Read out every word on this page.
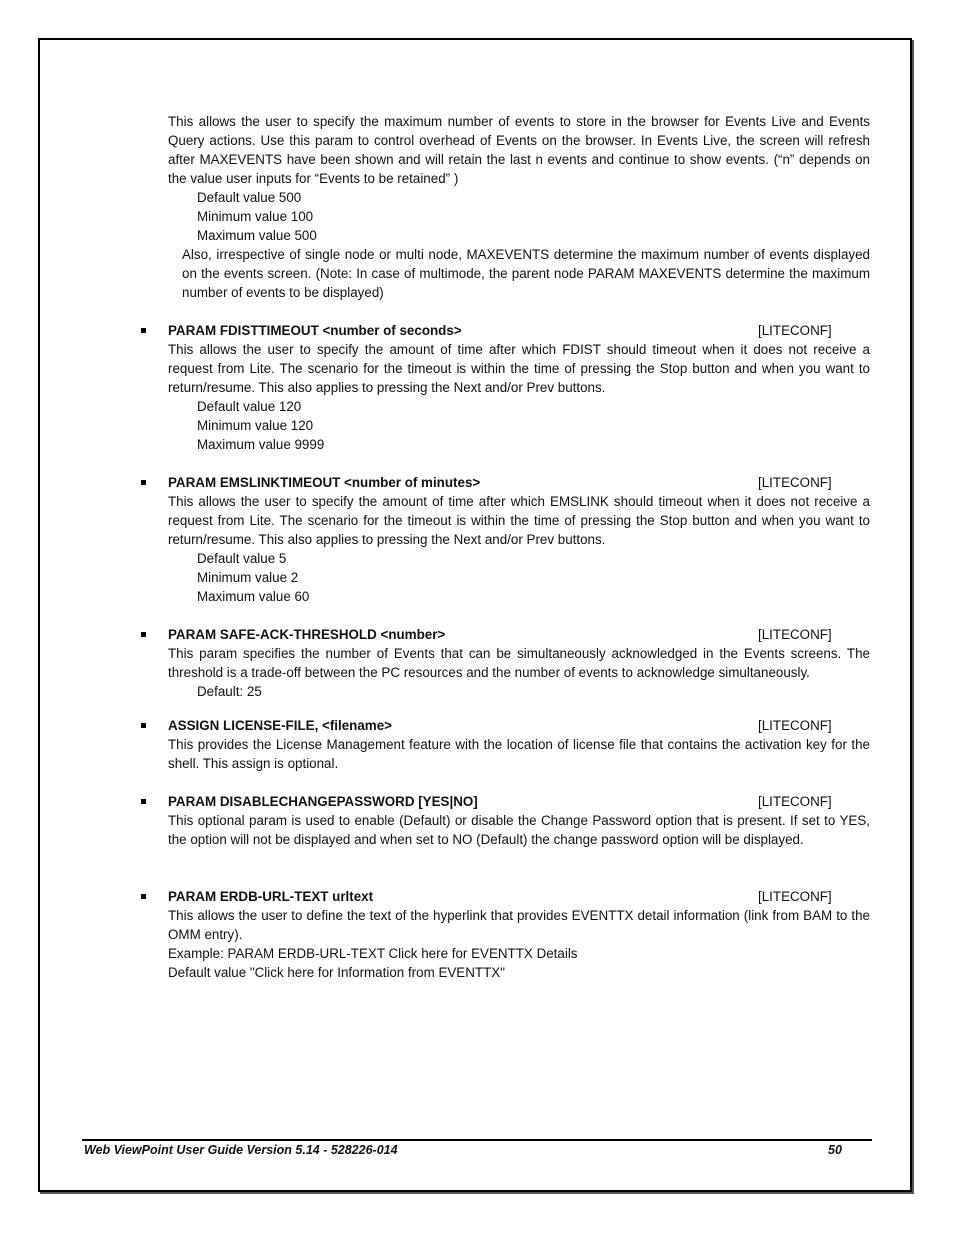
This allows the user to specify the maximum number of events to store in the browser for Events Live and Events Query actions. Use this param to control overhead of Events on the browser. In Events Live, the screen will refresh after MAXEVENTS have been shown and will retain the last n events and continue to show events. (“n” depends on the value user inputs for “Events to be retained” )

Default value 500
Minimum value 100
Maximum value 500

Also, irrespective of single node or multi node, MAXEVENTS determine the maximum number of events displayed on the events screen. (Note: In case of multimode, the parent node PARAM MAXEVENTS determine the maximum number of events to be displayed)

PARAM FDISTTIMEOUT <number of seconds>	[LITECONF]

This allows the user to specify the amount of time after which FDIST should timeout when it does not receive a request from Lite. The scenario for the timeout is within the time of pressing the Stop button and when you want to return/resume. This also applies to pressing the Next and/or Prev buttons.

Default value 120
Minimum value 120
Maximum value 9999
PARAM EMSLINKTIMEOUT <number of minutes>	[LITECONF]

This allows the user to specify the amount of time after which EMSLINK should timeout when it does not receive a request from Lite. The scenario for the timeout is within the time of pressing the Stop button and when you want to return/resume. This also applies to pressing the Next and/or Prev buttons.

Default value 5
Minimum value 2
Maximum value 60
PARAM SAFE-ACK-THRESHOLD <number>	[LITECONF]

This param specifies the number of Events that can be simultaneously acknowledged in the Events screens. The threshold is a trade-off between the PC resources and the number of events to acknowledge simultaneously.

Default: 25
ASSIGN LICENSE-FILE, <filename>	[LITECONF]

This provides the License Management feature with the location of license file that contains the activation key for the shell. This assign is optional.

PARAM DISABLECHANGEPASSWORD [YES|NO]	[LITECONF]

This optional param is used to enable (Default) or disable the Change Password option that is present. If set to YES, the option will not be displayed and when set to NO (Default) the change password option will be displayed.

PARAM ERDB-URL-TEXT urltext	[LITECONF]

This allows the user to define the text of the hyperlink that provides EVENTTX detail information (link from BAM to the OMM entry).

Example: PARAM ERDB-URL-TEXT Click here for EVENTTX Details
Default value "Click here for Information from EVENTTX"
Web ViewPoint User Guide Version 5.14 - 528226-014	50
